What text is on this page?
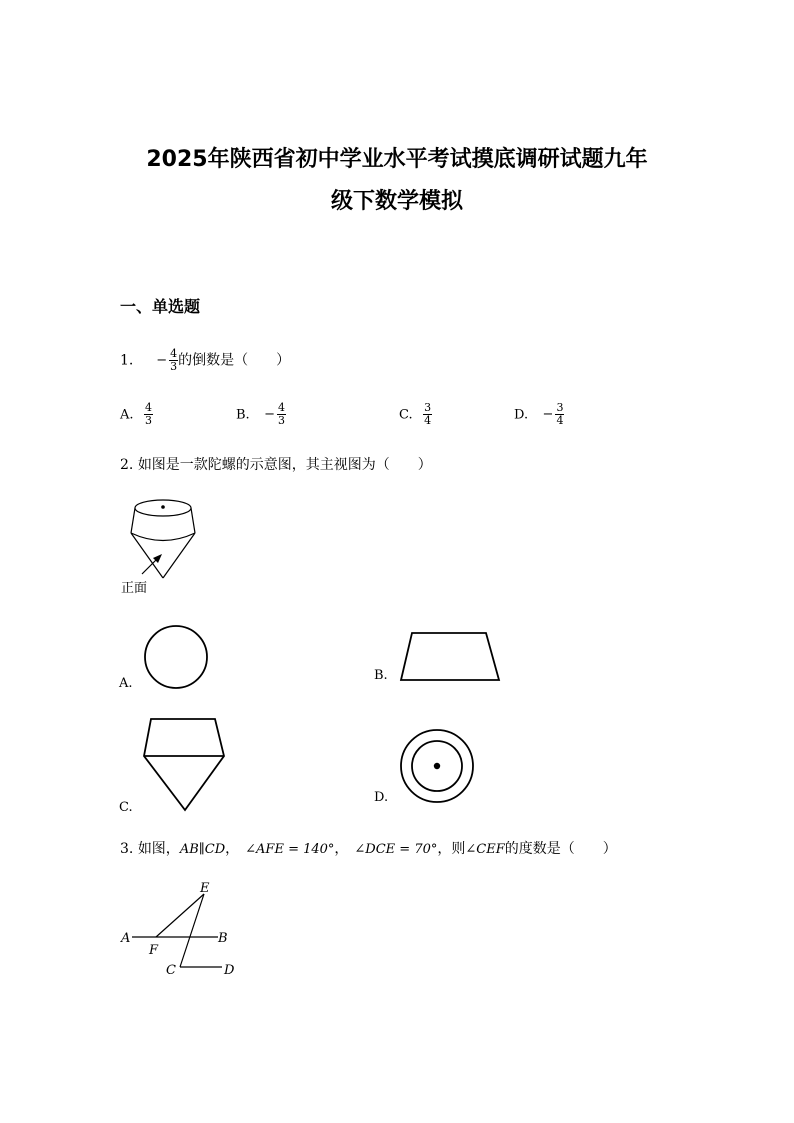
2025年陕西省初中学业水平考试摸底调研试题九年
级下数学模拟
一、单选题
1. − $\frac{4}{3}$ 的倒数是（　　）
A. $\frac{4}{3}$	B. − $\frac{4}{3}$	C. $\frac{3}{4}$	D. − $\frac{3}{4}$
2. 如图是一款陀螺的示意图，其主视图为（　　）
正面
A.
B.
C.
D.
3. 如图，AB∥CD， ∠AFE = 140°， ∠DCE = 70°，则∠CEF的度数是（　　）
E
A
F
B
C	D
